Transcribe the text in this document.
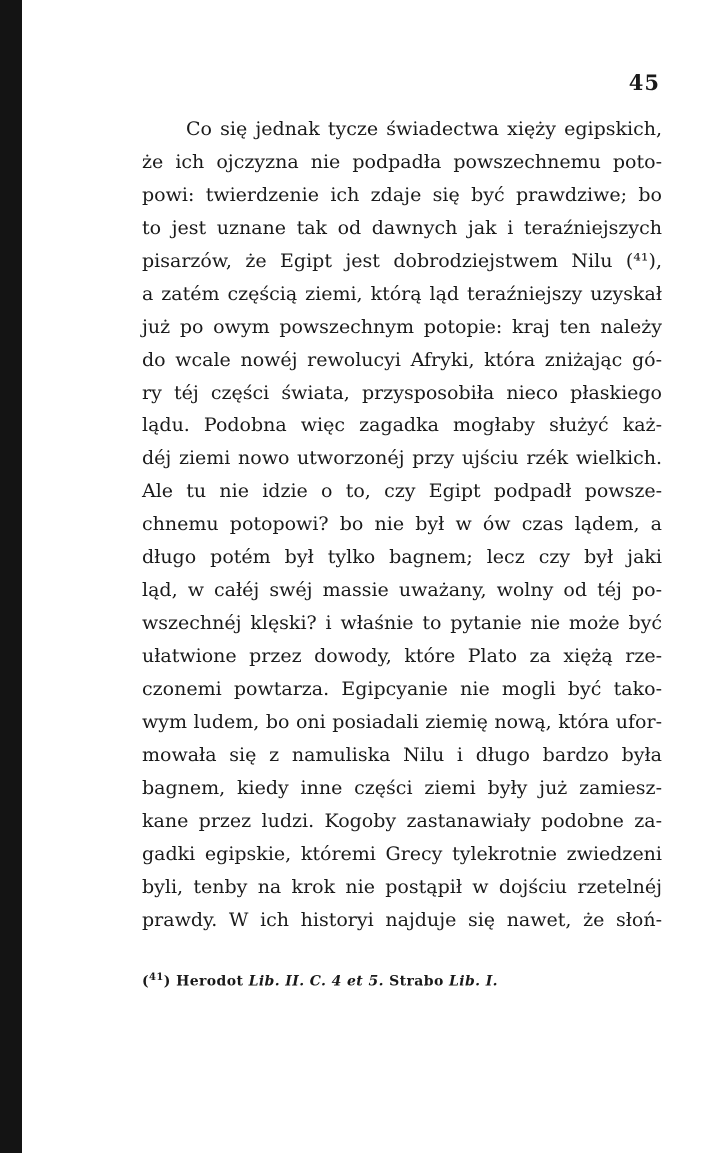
45
Co się jednak tycze świadectwa xięży egipskich,
że ich ojczyzna nie podpadła powszechnemu poto-
powi: twierdzenie ich zdaje się być prawdziwe; bo
to jest uznane tak od dawnych jak i teraźniejszych
pisarzów, że Egipt jest dobrodziejstwem Nilu (⁴¹),
a zatém częścią ziemi, którą ląd teraźniejszy uzyskał
już po owym powszechnym potopie: kraj ten należy
do wcale nowéj rewolucyi Afryki, która zniżając gó-
ry téj części świata, przysposobiła nieco płaskiego
lądu. Podobna więc zagadka mogłaby służyć każ-
déj ziemi nowo utworzonéj przy ujściu rzék wielkich.
Ale tu nie idzie o to, czy Egipt podpadł powsze-
chnemu potopowi? bo nie był w ów czas lądem, a
długo potém był tylko bagnem; lecz czy był jaki
ląd, w całéj swéj massie uważany, wolny od téj po-
wszechnéj klęski? i właśnie to pytanie nie może być
ułatwione przez dowody, które Plato za xiężą rze-
czonemi powtarza. Egipcyanie nie mogli być tako-
wym ludem, bo oni posiadali ziemię nową, która ufor-
mowała się z namuliska Nilu i długo bardzo była
bagnem, kiedy inne części ziemi były już zamiesz-
kane przez ludzi. Kogoby zastanawiały podobne za-
gadki egipskie, któremi Grecy tylekrotnie zwiedzeni
byli, tenby na krok nie postąpił w dojściu rzetelnéj
prawdy. W ich historyi najduje się nawet, że słoń-
($^{41}$) Herodot Lib. II. C. 4 et 5. Strabo Lib. I.
